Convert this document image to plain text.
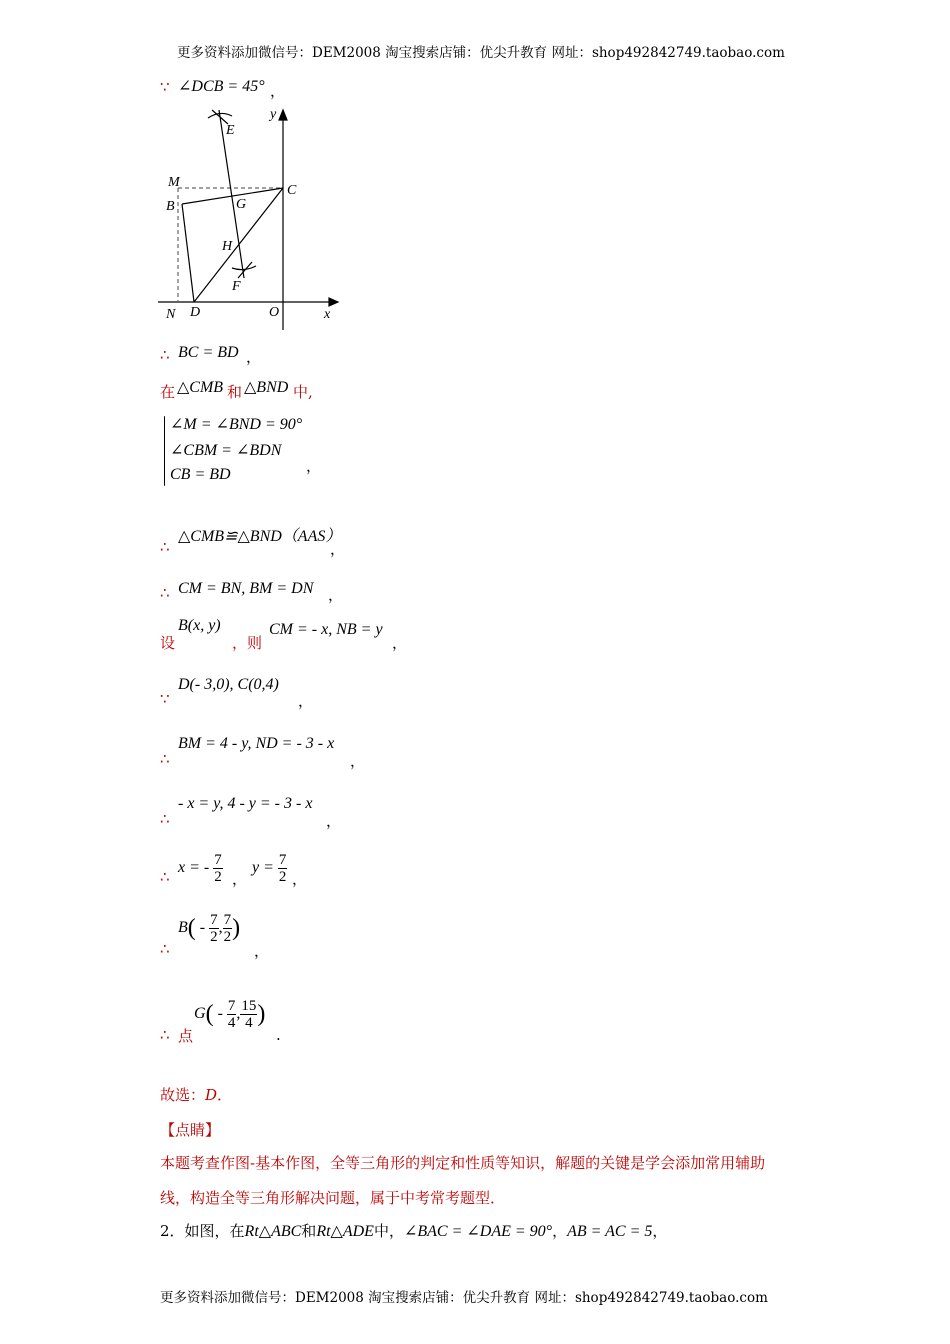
更多资料添加微信号：DEM2008 淘宝搜索店铺：优尖升教育 网址：shop492842749.taobao.com
∵ ∠DCB = 45° ，
E
y
M
C
B	G
H
F
N D	O	x
∴ BC = BD ，
在 △CMB 和 △BND 中,
∠M = ∠BND = 90°
∠CBM = ∠BDN
CB = BD	，
∴
△CMB≌△BND（AAS）
，
∴ CM = BN, BM = DN ，
设
B(x, y)
，则
CM = - x, NB = y
，
∵
D(- 3,0), C(0,4)
，
∴
BM = 4 - y, ND = - 3 - x
，
∴
- x = y, 4 - y = - 3 - x
，
∴
x = - $\frac{7}{2}$ ，
$y = \frac{7}{2}$ ，
∴
$B( - \frac{7}{2}$ , $\frac{7}{2}$ )
，
∴ 点
$G( - \frac{7}{4}$ , $\frac{15}{4}$ )
.
故选：D．
【点睛】
本题考查作图-基本作图，全等三角形的判定和性质等知识，解题的关键是学会添加常用辅助线，构造全等三角形解决问题，属于中考常考题型．
2．如图，在Rt△ABC和Rt△ADE中，∠BAC = ∠DAE = 90°，AB = AC = 5，
更多资料添加微信号：DEM2008 淘宝搜索店铺：优尖升教育 网址：shop492842749.taobao.com
